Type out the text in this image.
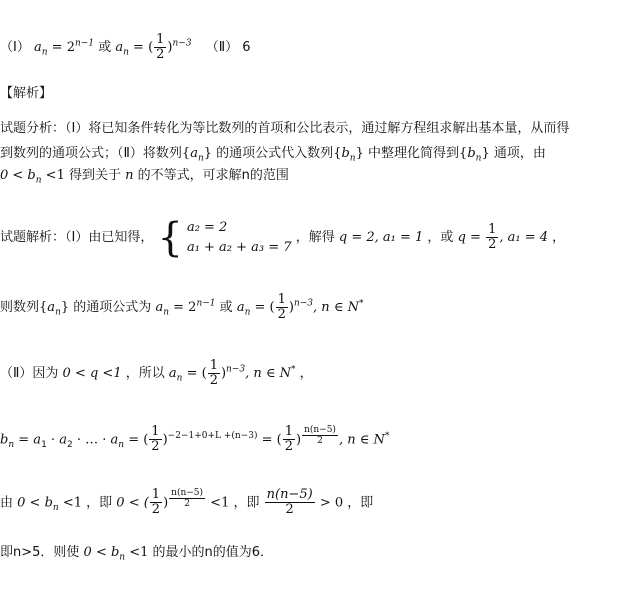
（Ⅰ） $a_n = 2^{n-1}$ 或 $a_n$ = ( $\frac{1}{2} )^{n-3}$ （Ⅱ） 6
【解析】
试题分析：（Ⅰ）将已知条件转化为等比数列的首项和公比表示，通过解方程组求解出基本量，从而得
到数列的通项公式；（Ⅱ）将数列$\{a_n\}$ 的通项公式代入数列$\{b_n\}$ 中整理化简得到$\{b_n\}$ 通项，由
$0 < b_n <1$ 得到关于 n 的不等式，可求解n的范围
试题解析：（Ⅰ）由已知得， { a₂ = 2
a₁ + a₂ + a₃ = 7
，解得 q = 2, a₁ = 1 ，或 $q = \frac{1}{2}$ , a₁ = 4 ，
则数列$\{a_n\}$ 的通项公式为 $a_n = 2^{n-1}$ 或 $a_n$ = ( $\frac{1}{2} )^{n-3}$, n ∈ N*
（Ⅱ）因为 0 < q <1 ，所以 $a_n$ = ( $\frac{1}{2} )^{n-3}$, n ∈ N* ，
$b_n = a_1 \cdot a_2$ · … · $a_n$ = ( $\frac{1}{2} )^{-2-1+0+L +(n-3)}$ = ( $\frac{1}{2}$ ) $^{\frac{n(n-5)}{2}}$ , n ∈ N*
由 $0 < b_n <1$ ，即 0 < ( $\frac{1}{2}$ ) $^{\frac{n(n-5)}{2}}$ <1 ，即 $\frac{n(n-5)}{2} > 0$ ，即
即n>5．则使 $0 < b_n <1$ 的最小的n的值为6．
